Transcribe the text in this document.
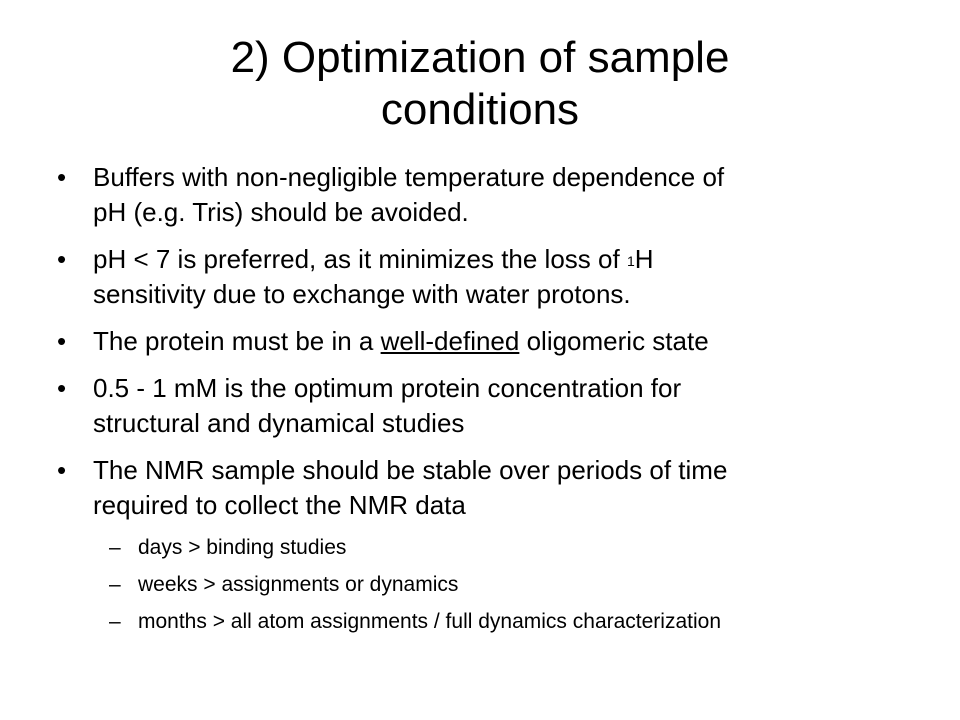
2) Optimization of sample
conditions
• Buffers with non-negligible temperature dependence of
pH (e.g. Tris) should be avoided.
• pH < 7 is preferred, as it minimizes the loss of $^1$H
sensitivity due to exchange with water protons.
• The protein must be in a well-defined oligomeric state
• 0.5 - 1 mM is the optimum protein concentration for
structural and dynamical studies
• The NMR sample should be stable over periods of time
required to collect the NMR data
– days > binding studies
– weeks > assignments or dynamics
– months > all atom assignments / full dynamics characterization
